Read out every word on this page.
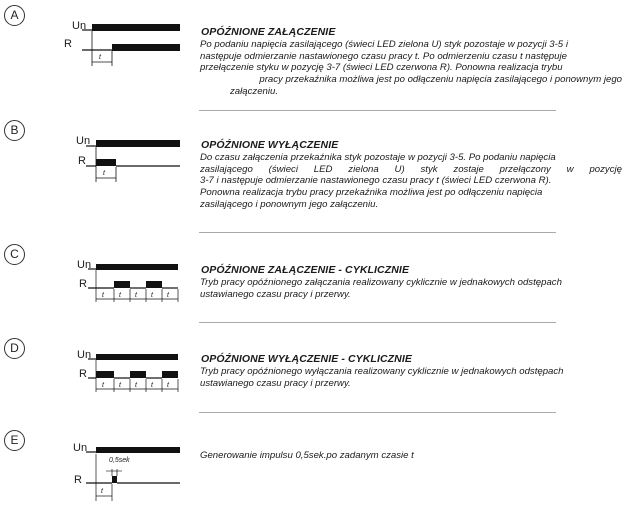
A
Un
R
t
OPÓŹNIONE ZAŁĄCZENIE
Po podaniu napięcia zasilającego (świeci LED zielona U) styk pozostaje w pozycji 3-5 i
następuje odmierzanie nastawionego czasu pracy t. Po odmierzeniu czasu t następuje
przełączenie styku w pozycję 3-7 (świeci LED czerwona R). Ponowna realizacja trybu
pracy przekaźnika możliwa jest po odłączeniu napięcia zasilającego i ponownym jego
załączeniu.
B
Un
R
t
OPÓŹNIONE WYŁĄCZENIE
Do czasu załączenia przekaźnika styk pozostaje w pozycji 3-5. Po podaniu napięcia
zasilającego (świeci LED zielona U) styk zostaje przełączony w pozycję
3-7 i następuje odmierzanie nastawionego czasu pracy t (świeci LED czerwona R).
Ponowna realizacja trybu pracy przekaźnika możliwa jest po odłączeniu napięcia
zasilającego i ponownym jego załączeniu.
C
Un
R
t t t t t
OPÓŹNIONE ZAŁĄCZENIE - CYKLICZNIE
Tryb pracy opóźnionego załączania realizowany cyklicznie w jednakowych odstępach
ustawianego czasu pracy i przerwy.
D	Un
R
t t t t t
OPÓŹNIONE WYŁĄCZENIE - CYKLICZNIE
Tryb pracy opóźnionego wyłączania realizowany cyklicznie w jednakowych odstępach
ustawianego czasu pracy i przerwy.
E
Un
R
0,5sek
t
Generowanie impulsu 0,5sek.po zadanym czasie t
